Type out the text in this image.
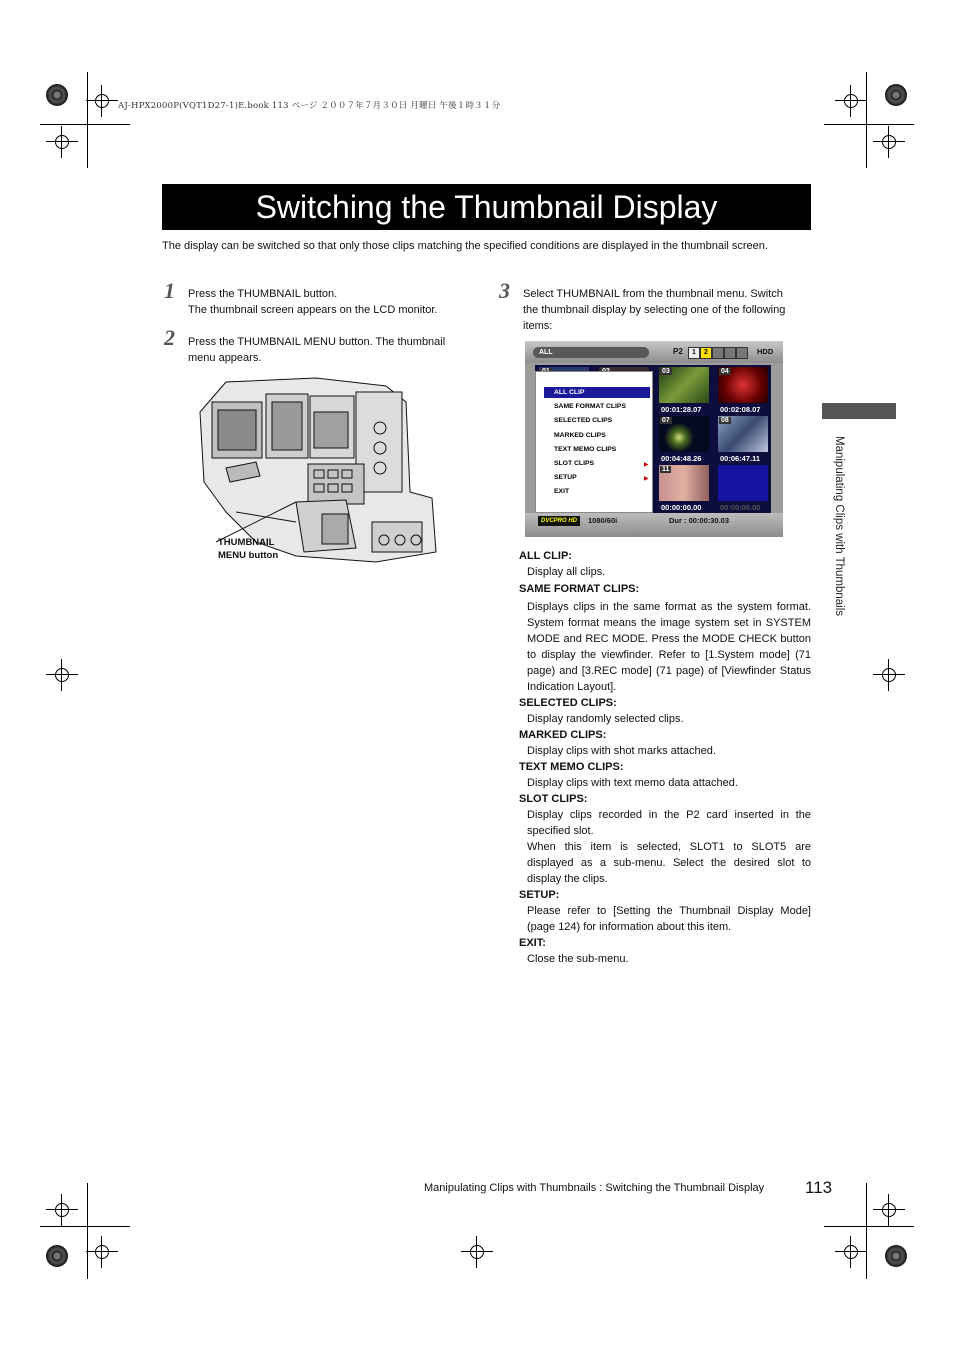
AJ-HPX2000P(VQT1D27-1)E.book 113 ページ ２００７年７月３０日 月曜日 午後１時３１分
Switching the Thumbnail Display

The display can be switched so that only those clips matching the specified conditions are displayed in the thumbnail screen.

1 Press the THUMBNAIL button.
The thumbnail screen appears on the LCD monitor.
2 Press the THUMBNAIL MENU button. The thumbnail
menu appears.
3 Select THUMBNAIL from the thumbnail menu. Switch
the thumbnail display by selecting one of the following
items:
THUMBNAIL
MENU button
ALL	P2	1	2	HDD
03
00:01:28.07
04
00:02:08.07
07
00:04:48.26
08
00:06:47.11
11
00:00:00.00 00:00:00.00
ALL CLIP
SAME FORMAT CLIPS
SELECTED CLIPS
MARKED CLIPS
TEXT MEMO CLIPS
SLOT CLIPS	▶
SETUP	▶
EXIT
DVCPRO HD	1080/60i	Dur : 00:00:30.03
ALL CLIP:
Display all clips.
SAME FORMAT CLIPS:
Displays clips in the same format as the system format. System format means the image system set in SYSTEM MODE and REC MODE. Press the MODE CHECK button to display the viewfinder. Refer to [1.System mode] (71 page) and [3.REC mode] (71 page) of [Viewfinder Status Indication Layout].
SELECTED CLIPS:
Display randomly selected clips.
MARKED CLIPS:
Display clips with shot marks attached.
TEXT MEMO CLIPS:
Display clips with text memo data attached.
SLOT CLIPS:
Display clips recorded in the P2 card inserted in the specified slot.
When this item is selected, SLOT1 to SLOT5 are displayed as a sub-menu. Select the desired slot to display the clips.
SETUP:
Please refer to [Setting the Thumbnail Display Mode] (page 124) for information about this item.
EXIT:
Close the sub-menu.
Manipulating Clips with Thumbnails
Manipulating Clips with Thumbnails : Switching the Thumbnail Display 113
